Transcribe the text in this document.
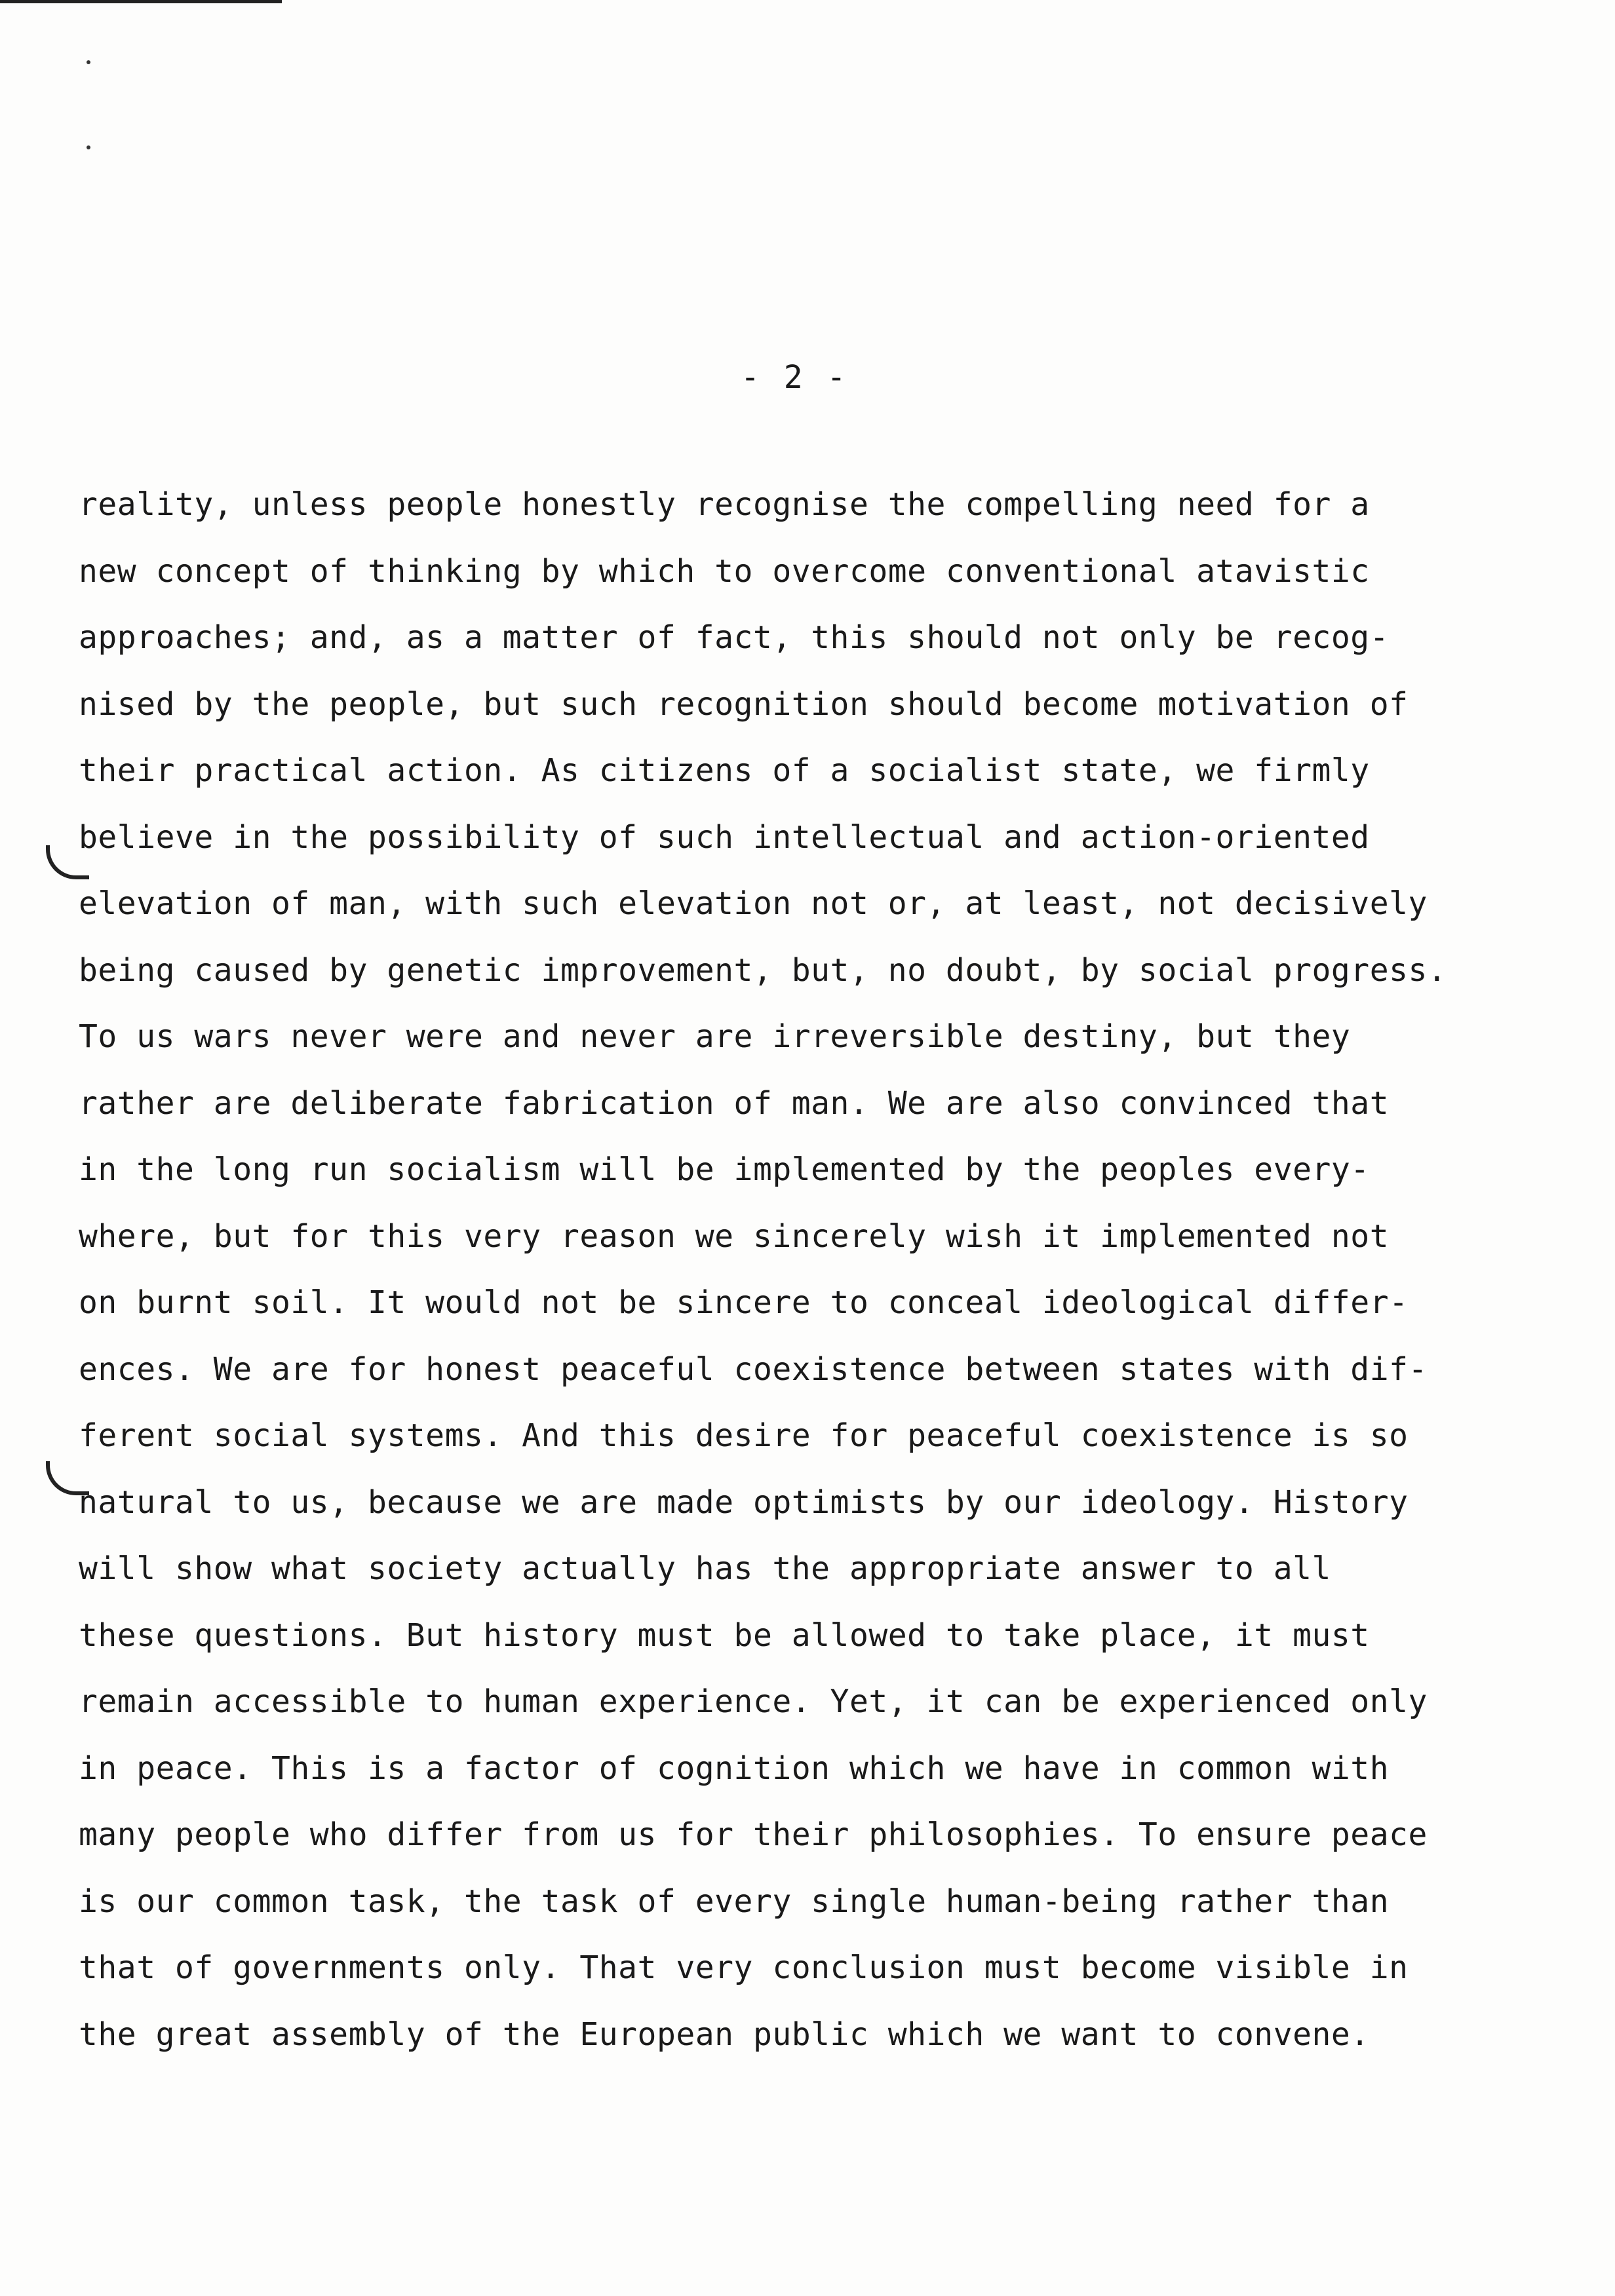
- 2 -
reality, unless people honestly recognise the compelling need for a
new concept of thinking by which to overcome conventional atavistic
approaches; and, as a matter of fact, this should not only be recog-
nised by the people, but such recognition should become motivation of
their practical action. As citizens of a socialist state, we firmly
believe in the possibility of such intellectual and action-oriented
elevation of man, with such elevation not or, at least, not decisively
being caused by genetic improvement, but, no doubt, by social progress.
To us wars never were and never are irreversible destiny, but they
rather are deliberate fabrication of man. We are also convinced that
in the long run socialism will be implemented by the peoples every-
where, but for this very reason we sincerely wish it implemented not
on burnt soil. It would not be sincere to conceal ideological differ-
ences. We are for honest peaceful coexistence between states with dif-
ferent social systems. And this desire for peaceful coexistence is so
natural to us, because we are made optimists by our ideology. History
will show what society actually has the appropriate answer to all
these questions. But history must be allowed to take place, it must
remain accessible to human experience. Yet, it can be experienced only
in peace. This is a factor of cognition which we have in common with
many people who differ from us for their philosophies. To ensure peace
is our common task, the task of every single human-being rather than
that of governments only. That very conclusion must become visible in
the great assembly of the European public which we want to convene.
